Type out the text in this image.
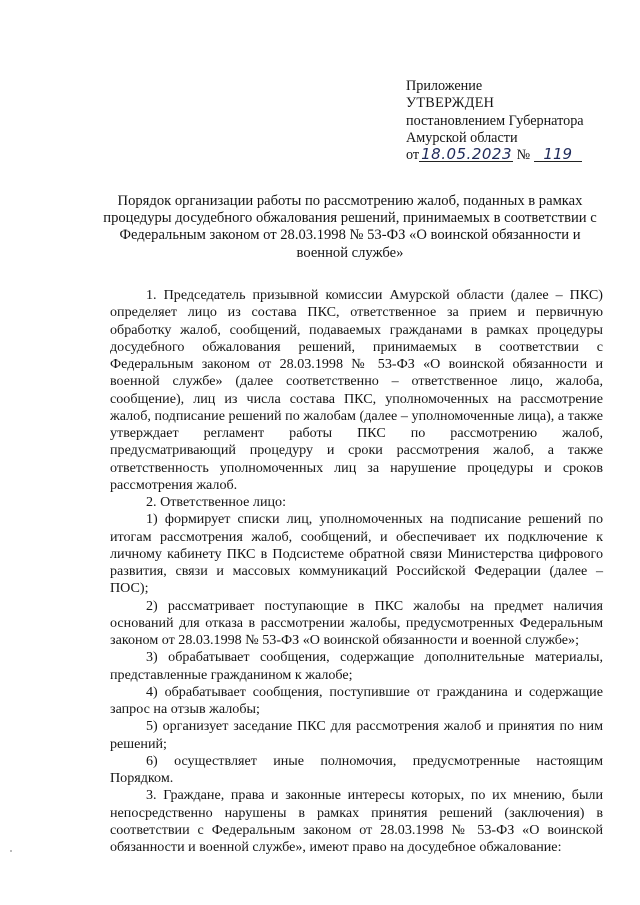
Приложение
УТВЕРЖДЕН
постановлением Губернатора
Амурской области
от 18.05.2023 № 119
Порядок организации работы по рассмотрению жалоб, поданных в рамках процедуры досудебного обжалования решений, принимаемых в соответствии с Федеральным законом от 28.03.1998 № 53-ФЗ «О воинской обязанности и военной службе»

1. Председатель призывной комиссии Амурской области (далее – ПКС) определяет лицо из состава ПКС, ответственное за прием и первичную обработку жалоб, сообщений, подаваемых гражданами в рамках процедуры досудебного обжалования решений, принимаемых в соответствии с Федеральным законом от 28.03.1998 № 53-ФЗ «О воинской обязанности и военной службе» (далее соответственно – ответственное лицо, жалоба, сообщение), лиц из числа состава ПКС, уполномоченных на рассмотрение жалоб, подписание решений по жалобам (далее – уполномоченные лица), а также утверждает регламент работы ПКС по рассмотрению жалоб, предусматривающий процедуру и сроки рассмотрения жалоб, а также ответственность уполномоченных лиц за нарушение процедуры и сроков рассмотрения жалоб.

2. Ответственное лицо:

1) формирует списки лиц, уполномоченных на подписание решений по итогам рассмотрения жалоб, сообщений, и обеспечивает их подключение к личному кабинету ПКС в Подсистеме обратной связи Министерства цифрового развития, связи и массовых коммуникаций Российской Федерации (далее – ПОС);

2) рассматривает поступающие в ПКС жалобы на предмет наличия оснований для отказа в рассмотрении жалобы, предусмотренных Федеральным законом от 28.03.1998 № 53-ФЗ «О воинской обязанности и военной службе»;

3) обрабатывает сообщения, содержащие дополнительные материалы, представленные гражданином к жалобе;

4) обрабатывает сообщения, поступившие от гражданина и содержащие запрос на отзыв жалобы;

5) организует заседание ПКС для рассмотрения жалоб и принятия по ним решений;

6) осуществляет иные полномочия, предусмотренные настоящим Порядком.

3. Граждане, права и законные интересы которых, по их мнению, были непосредственно нарушены в рамках принятия решений (заключения) в соответствии с Федеральным законом от 28.03.1998 № 53-ФЗ «О воинской обязанности и военной службе», имеют право на досудебное обжалование:
